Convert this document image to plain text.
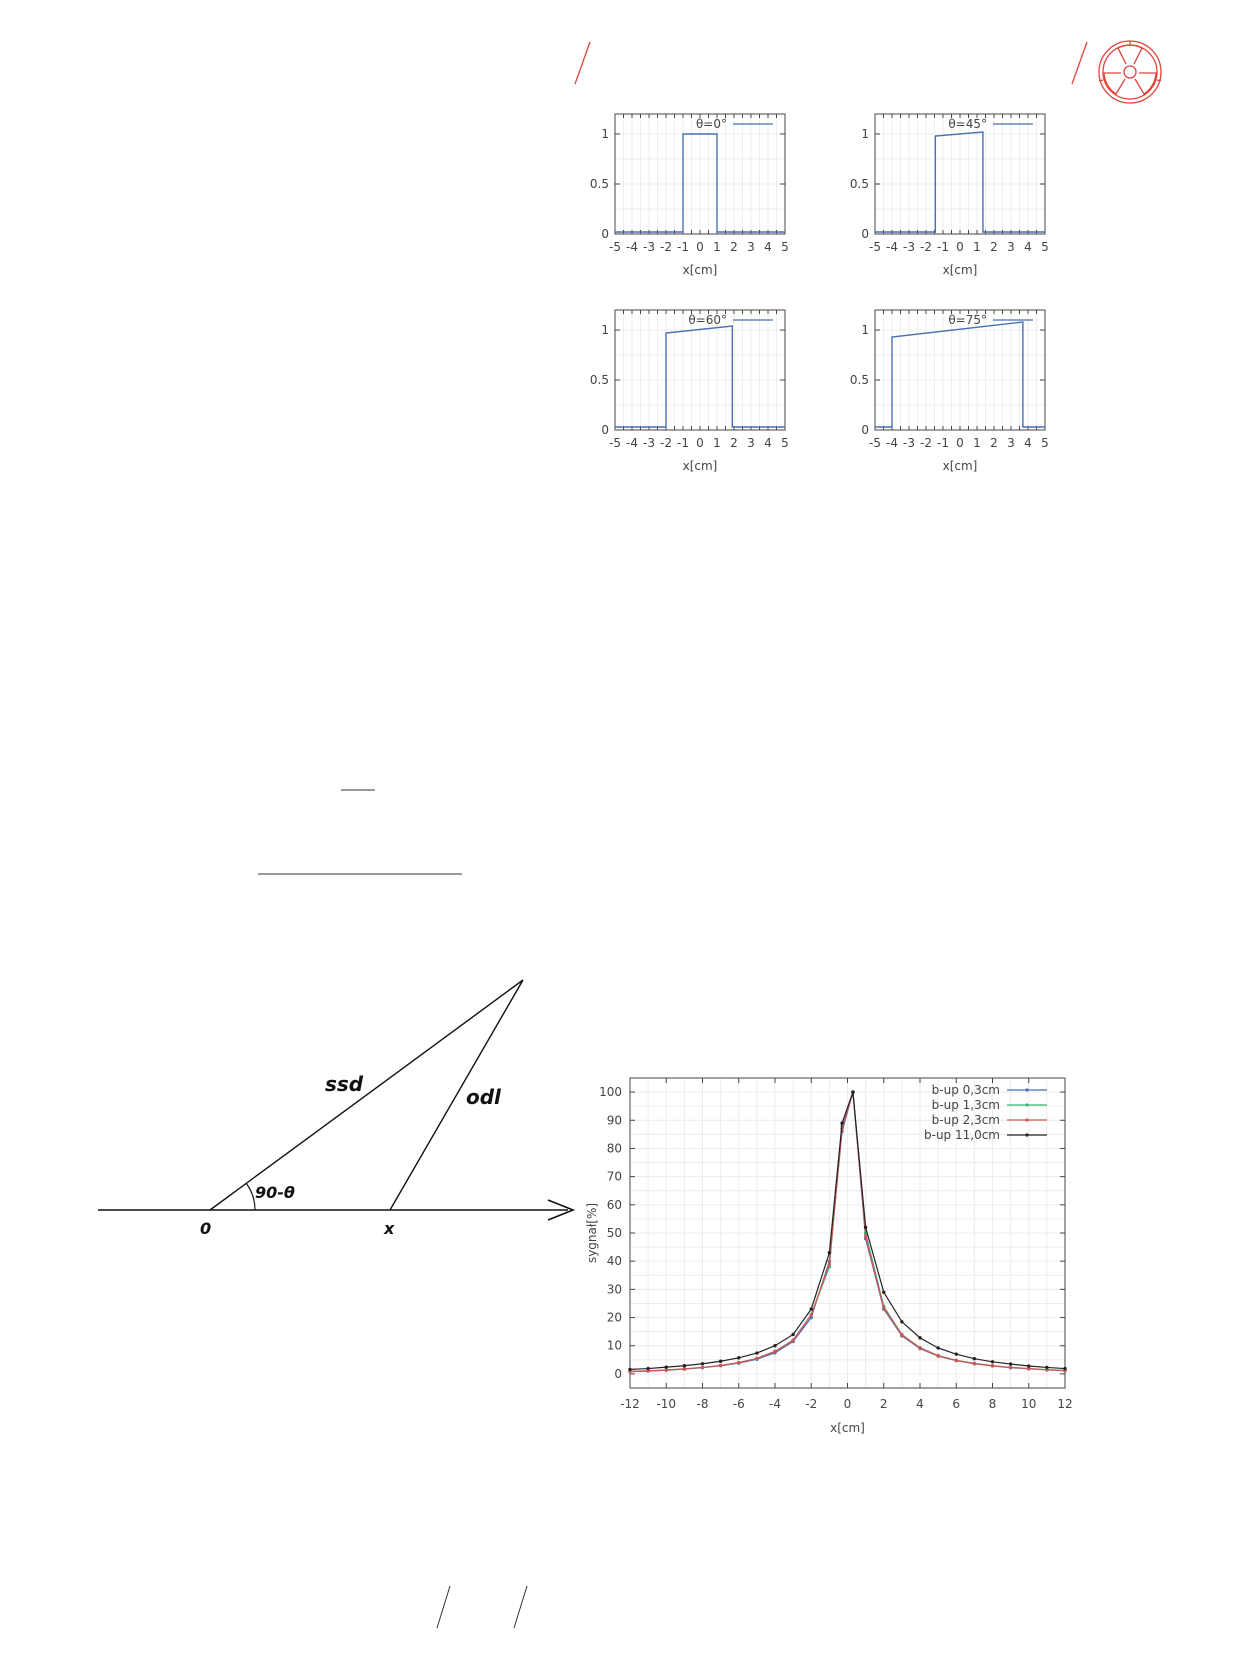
-5 -4 -3 -2 -1 0 1 2 3 4 5
0
0.5
1
x[cm]
θ=0°
-5 -4 -3 -2 -1 0 1 2 3 4 5
0
0.5
1
x[cm]
θ=45°
-5 -4 -3 -2 -1 0 1 2 3 4 5
0
0.5
1
x[cm]
θ=60°
-5 -4 -3 -2 -1 0 1 2 3 4 5
0
0.5
1
x[cm]
θ=75°
ssd
odl
90-θ
0	x
-12 -10 -8 -6 -4 -2 0 2 4 6 8 10 12
0
10
20
30
40
50
60
70
80
90
100
x[cm]
sygnał[%]
b-up 0,3cm
b-up 1,3cm
b-up 2,3cm
b-up 11,0cm
